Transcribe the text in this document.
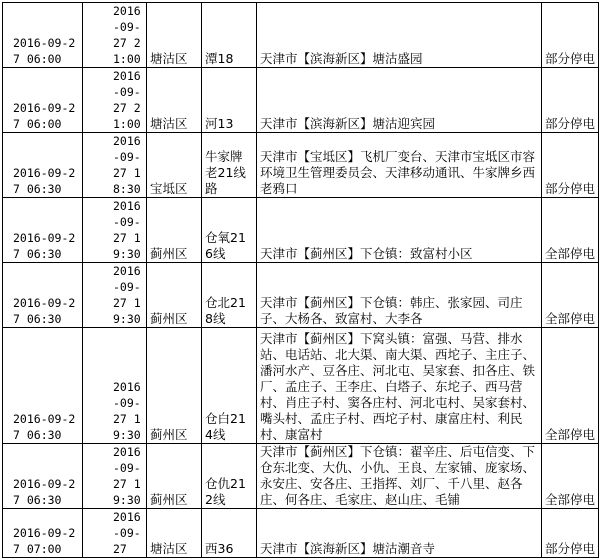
2016-09-27 06:00	2016-09-27 21:00	塘沽区	潭18	天津市【滨海新区】塘沽盛园	部分停电
2016-09-27 06:00	2016-09-27 21:00	塘沽区	河13	天津市【滨海新区】塘沽迎宾园	部分停电
2016-09-27 06:30	2016-09-27 18:30	宝坻区	牛家牌老21线路	天津市【宝坻区】飞机厂变台、天津市宝坻区市容环境卫生管理委员会、天津移动通讯、牛家牌乡西老鸦口	部分停电
2016-09-27 06:30	2016-09-27 19:30	蓟州区	仓氧216线	天津市【蓟州区】下仓镇：致富村小区	全部停电
2016-09-27 06:30	2016-09-27 19:30	蓟州区	仓北218线	天津市【蓟州区】下仓镇：韩庄、张家园、司庄子、大杨各、致富村、大李各	全部停电
2016-09-27 06:30	2016-09-27 19:30	蓟州区	仓白214线	天津市【蓟州区】下窝头镇：富强、马营、排水站、电话站、北大渠、南大渠、西坨子、主庄子、潘河水产、豆各庄、河北屯、吴家套、扣各庄、铁厂、孟庄子、王李庄、白塔子、东坨子、西马营村、肖庄子村、窦各庄村、河北屯村、吴家套村、嘴头村、孟庄子村、西坨子村、康富庄村、利民村、康富村	全部停电
2016-09-27 06:30	2016-09-27 19:30	蓟州区	仓仇212线	天津市【蓟州区】下仓镇：翟辛庄、后屯信变、下仓东北变、大仇、小仇、王良、左家铺、庞家场、永安庄、安各庄、王指挥、刘厂、千八里、赵各庄、何各庄、毛家庄、赵山庄、毛铺	全部停电
2016-09-27 07:00	2016-09-27	塘沽区	西36	天津市【滨海新区】塘沽潮音寺	部分停电
